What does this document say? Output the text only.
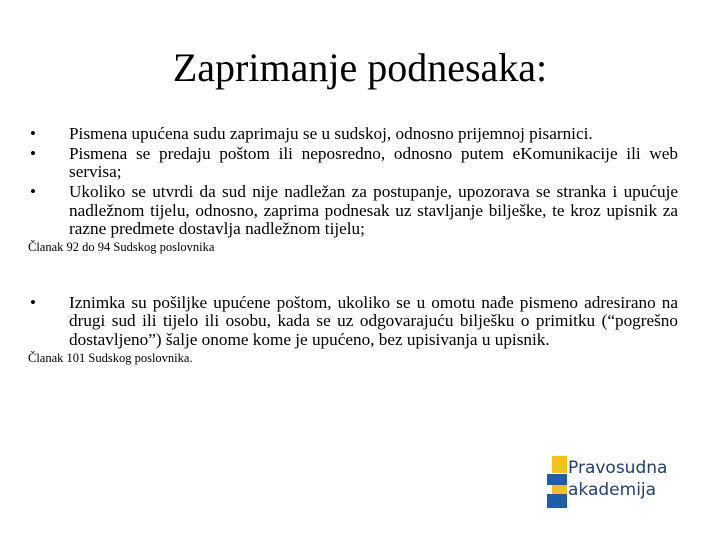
Zaprimanje podnesaka:
• Pismena upućena sudu zaprimaju se u sudskoj, odnosno prijemnoj pisarnici.
• Pismena se predaju poštom ili neposredno, odnosno putem eKomunikacije ili web servisa;
• Ukoliko se utvrdi da sud nije nadležan za postupanje, upozorava se stranka i upućuje nadležnom tijelu, odnosno, zaprima podnesak uz stavljanje bilješke, te kroz upisnik za razne predmete dostavlja nadležnom tijelu;
Članak 92 do 94 Sudskog poslovnika
• Iznimka su pošiljke upućene poštom, ukoliko se u omotu nađe pismeno adresirano na drugi sud ili tijelo ili osobu, kada se uz odgovarajuću bilješku o primitku (“pogrešno dostavljeno”) šalje onome kome je upućeno, bez upisivanja u upisnik.
Članak 101 Sudskog poslovnika.
Pravosudna
akademija
